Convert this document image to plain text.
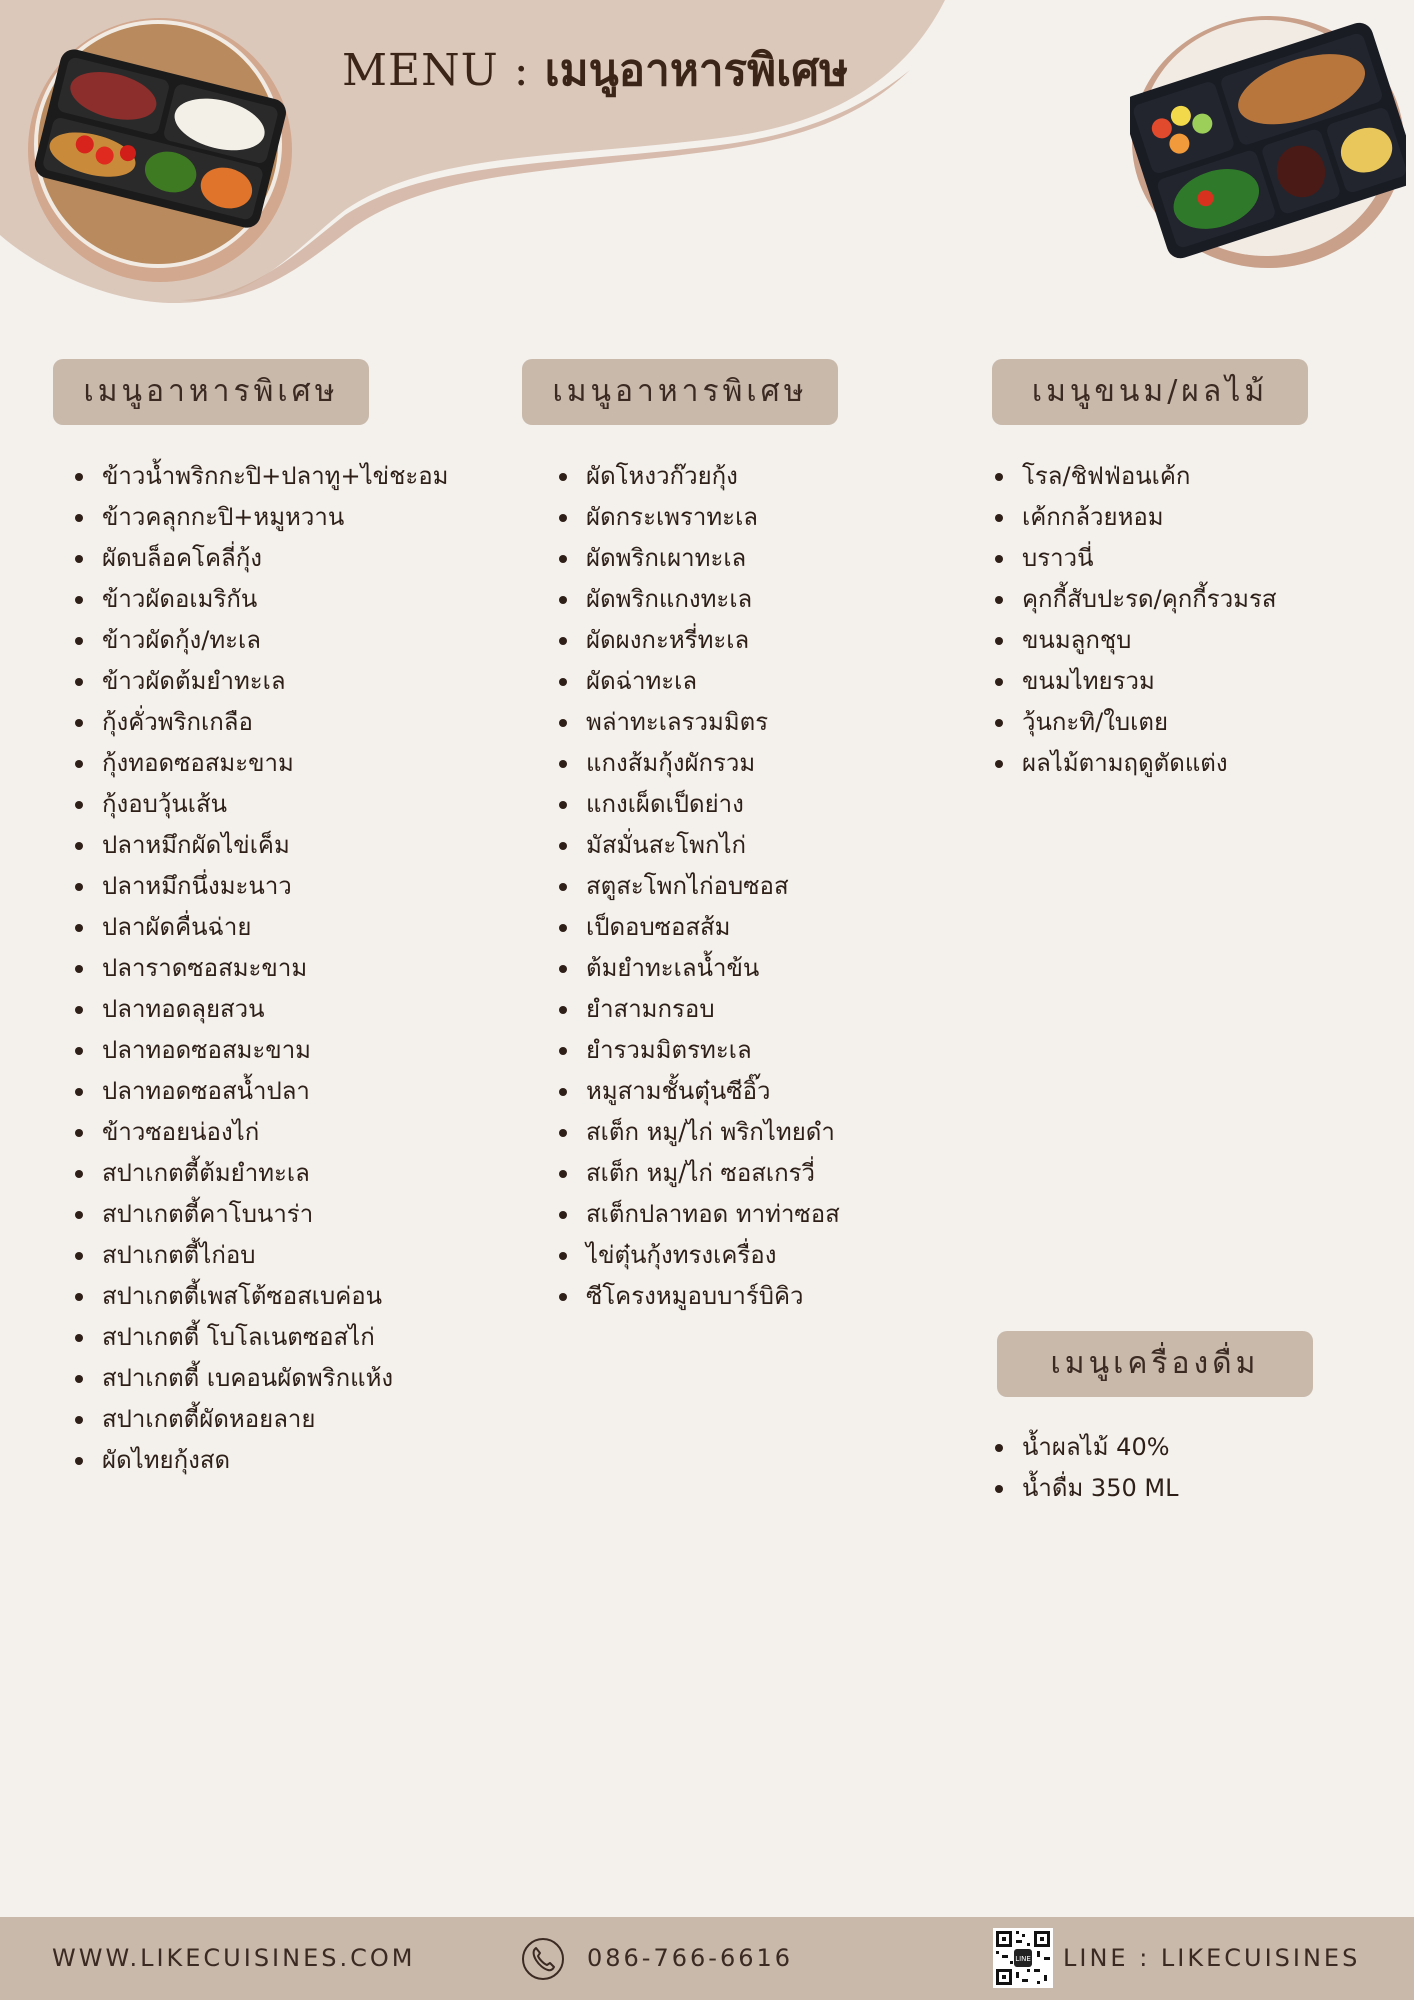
MENU : เมนูอาหารพิเศษ
เมนูอาหารพิเศษ
ข้าวน้ำพริกกะปิ+ปลาทู+ไข่ชะอม
ข้าวคลุกกะปิ+หมูหวาน
ผัดบล็อคโคลี่กุ้ง
ข้าวผัดอเมริกัน
ข้าวผัดกุ้ง/ทะเล
ข้าวผัดต้มยำทะเล
กุ้งคั่วพริกเกลือ
กุ้งทอดซอสมะขาม
กุ้งอบวุ้นเส้น
ปลาหมึกผัดไข่เค็ม
ปลาหมึกนึ่งมะนาว
ปลาผัดคื่นฉ่าย
ปลาราดซอสมะขาม
ปลาทอดลุยสวน
ปลาทอดซอสมะขาม
ปลาทอดซอสน้ำปลา
ข้าวซอยน่องไก่
สปาเกตตี้ต้มยำทะเล
สปาเกตตี้คาโบนาร่า
สปาเกตตี้ไก่อบ
สปาเกตตี้เพสโต้ซอสเบค่อน
สปาเกตตี้ โบโลเนตซอสไก่
สปาเกตตี้ เบคอนผัดพริกแห้ง
สปาเกตตี้ผัดหอยลาย
ผัดไทยกุ้งสด
เมนูอาหารพิเศษ
ผัดโหงวก๊วยกุ้ง
ผัดกระเพราทะเล
ผัดพริกเผาทะเล
ผัดพริกแกงทะเล
ผัดผงกะหรี่ทะเล
ผัดฉ่าทะเล
พล่าทะเลรวมมิตร
แกงส้มกุ้งผักรวม
แกงเผ็ดเป็ดย่าง
มัสมั่นสะโพกไก่
สตูสะโพกไก่อบซอส
เป็ดอบซอสส้ม
ต้มยำทะเลน้ำข้น
ยำสามกรอบ
ยำรวมมิตรทะเล
หมูสามชั้นตุ๋นซีอิ๊ว
สเต็ก หมู/ไก่ พริกไทยดำ
สเต็ก หมู/ไก่ ซอสเกรวี่
สเต็กปลาทอด ทาท่าซอส
ไข่ตุ๋นกุ้งทรงเครื่อง
ซีโครงหมูอบบาร์บิคิว
เมนูขนม/ผลไม้
โรล/ชิฟฟ่อนเค้ก
เค้กกล้วยหอม
บราวนี่
คุกกี้สับปะรด/คุกกี้รวมรส
ขนมลูกชุบ
ขนมไทยรวม
วุ้นกะทิ/ใบเตย
ผลไม้ตามฤดูตัดแต่ง
เมนูเครื่องดื่ม
น้ำผลไม้ 40%
น้ำดื่ม 350 ML
WWW.LIKECUISINES.COM	086-766-6616	LINE LINE : LIKECUISINES
